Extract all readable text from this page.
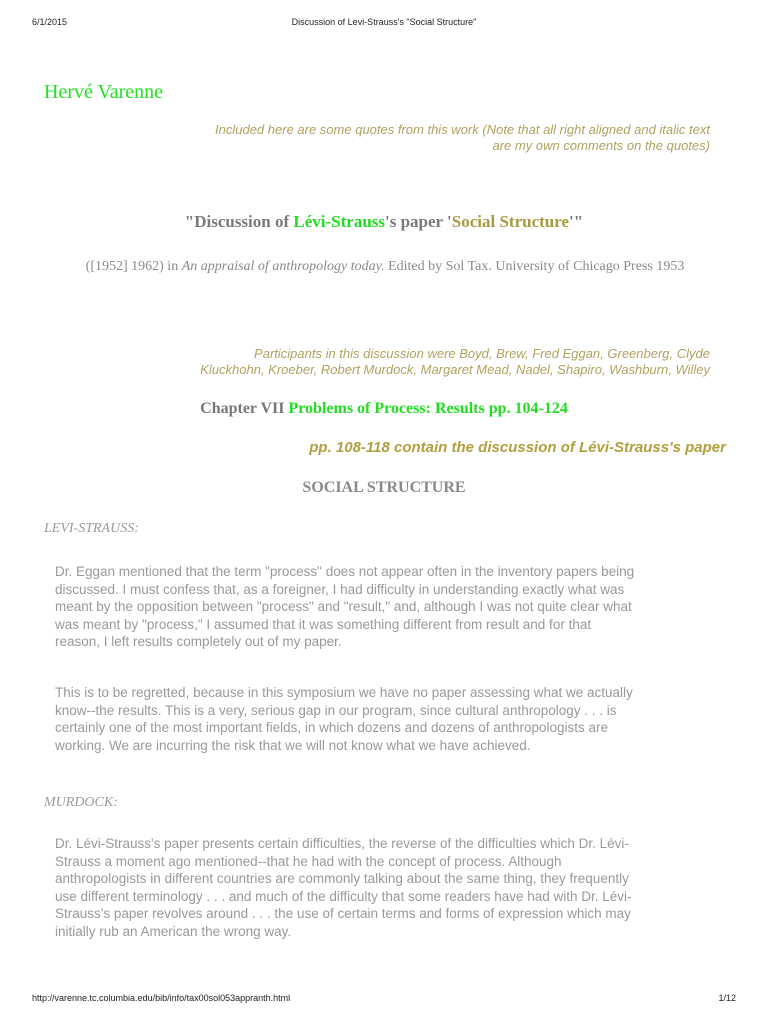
6/1/2015	Discussion of Levi-Strauss's "Social Structure"
Hervé Varenne
Included here are some quotes from this work (Note that all right aligned and italic text
are my own comments on the quotes)
"Discussion of Lévi-Strauss's paper 'Social Structure'"
([1952] 1962) in An appraisal of anthropology today. Edited by Sol Tax. University of Chicago Press 1953
Participants in this discussion were Boyd, Brew, Fred Eggan, Greenberg, Clyde
Kluckhohn, Kroeber, Robert Murdock, Margaret Mead, Nadel, Shapiro, Washburn, Willey
Chapter VII Problems of Process: Results pp. 104-124
pp. 108-118 contain the discussion of Lévi-Strauss's paper
SOCIAL STRUCTURE
LEVI-STRAUSS:
Dr. Eggan mentioned that the term "process" does not appear often in the inventory papers being discussed. I must confess that, as a foreigner, I had difficulty in understanding exactly what was meant by the opposition between "process" and "result," and, although I was not quite clear what was meant by "process," I assumed that it was something different from result and for that reason, I left results completely out of my paper.
This is to be regretted, because in this symposium we have no paper assessing what we actually know--the results. This is a very, serious gap in our program, since cultural anthropology . . . is certainly one of the most important fields, in which dozens and dozens of anthropologists are working. We are incurring the risk that we will not know what we have achieved.
MURDOCK:
Dr. Lévi-Strauss's paper presents certain difficulties, the reverse of the difficulties which Dr. Lévi-Strauss a moment ago mentioned--that he had with the concept of process. Although anthropologists in different countries are commonly talking about the same thing, they frequently use different terminology . . . and much of the difficulty that some readers have had with Dr. Lévi-Strauss's paper revolves around . . . the use of certain terms and forms of expression which may initially rub an American the wrong way.
http://varenne.tc.columbia.edu/bib/info/tax00sol053appranth.html	1/12
